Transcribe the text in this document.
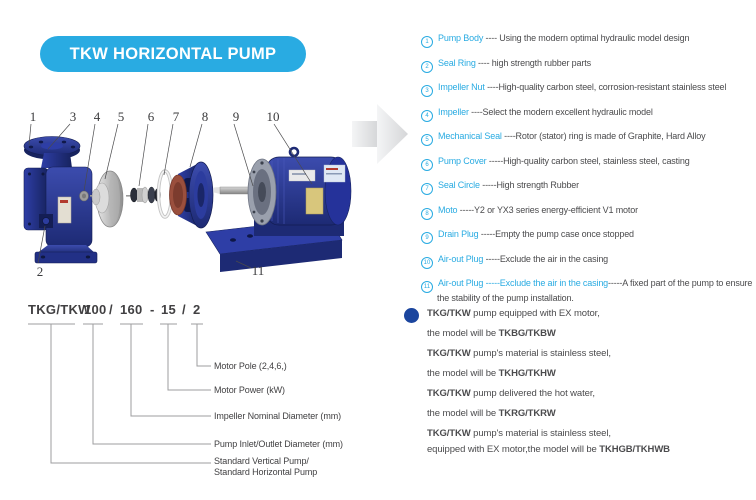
TKW HORIZONTAL PUMP
1	3 4 5 6 7 8 9 10
2	11
1 Pump Body ---- Using the modern optimal hydraulic model design
2 Seal Ring ---- high strength rubber parts
3 Impeller Nut ----High-quality carbon steel, corrosion-resistant stainless steel
4 Impeller ----Select the modern excellent hydraulic model
5 Mechanical Seal ----Rotor (stator) ring is made of Graphite, Hard Alloy
6 Pump Cover -----High-quality carbon steel, stainless steel, casting
7 Seal Circle -----High strength Rubber
8 Moto -----Y2 or YX3 series energy-efficient V1 motor
9 Drain Plug -----Empty the pump case once stopped
10 Air-out Plug -----Exclude the air in the casing
11 Air-out Plug -----Exclude the air in the casing-----A fixed part of the pump to ensure the stability of the pump installation.
TKG/TKW
100 / 160 - 15 / 2
Motor Pole (2,4,6,)
Motor Power (kW)
Impeller Nominal Diameter (mm)
Pump Inlet/Outlet Diameter (mm)
Standard Vertical Pump/
Standard Horizontal Pump
TKG/TKW pump equipped with EX motor,
the model will be TKBG/TKBW
TKG/TKW pump's material is stainless steel,
the model will be TKHG/TKHW
TKG/TKW pump delivered the hot water,
the model will be TKRG/TKRW
TKG/TKW pump's material is stainless steel,
equipped with EX motor,the model will be TKHGB/TKHWB
